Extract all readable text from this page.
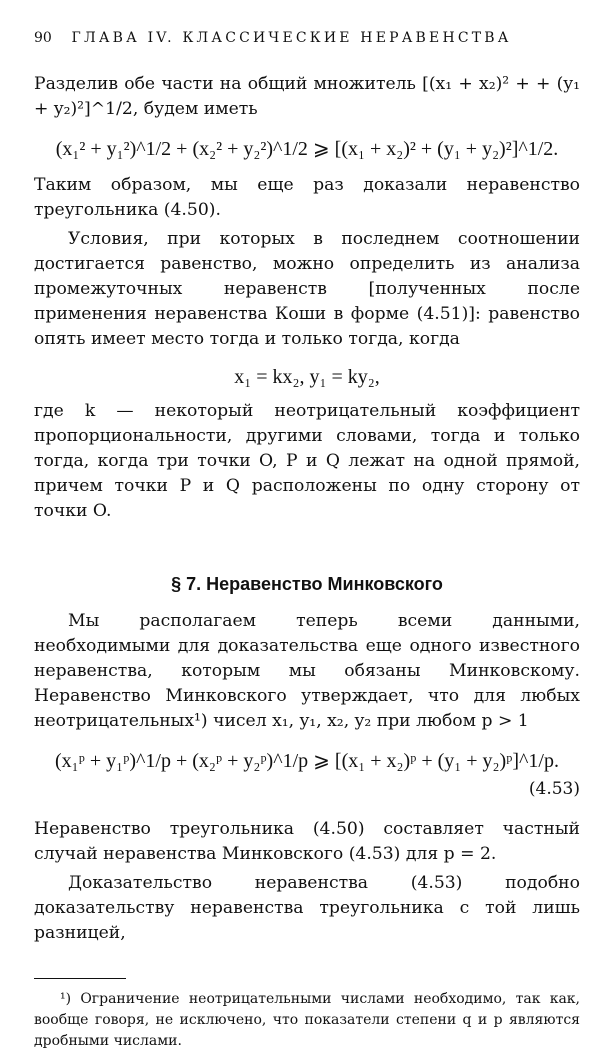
90 ГЛАВА IV. КЛАССИЧЕСКИЕ НЕРАВЕНСТВА

Разделив обе части на общий множитель [(x₁ + x₂)² + + (y₁ + y₂)²]^1/2, будем иметь

(x₁² + y₁²)^1/2 + (x₂² + y₂²)^1/2 ⩾ [(x₁ + x₂)² + (y₁ + y₂)²]^1/2.

Таким образом, мы еще раз доказали неравенство треугольника (4.50).

Условия, при которых в последнем соотношении достигается равенство, можно определить из анализа промежуточных неравенств [полученных после применения неравенства Коши в форме (4.51)]: равенство опять имеет место тогда и только тогда, когда

x₁ = kx₂, y₁ = ky₂,

где k — некоторый неотрицательный коэффициент пропорциональности, другими словами, тогда и только тогда, когда три точки O, P и Q лежат на одной прямой, причем точки P и Q расположены по одну сторону от точки O.

§ 7. Неравенство Минковского

Мы располагаем теперь всеми данными, необходимыми для доказательства еще одного известного неравенства, которым мы обязаны Минковскому. Неравенство Минковского утверждает, что для любых неотрицательных¹) чисел x₁, y₁, x₂, y₂ при любом p > 1

(x₁ᵖ + y₁ᵖ)^1/p + (x₂ᵖ + y₂ᵖ)^1/p ⩾ [(x₁ + x₂)ᵖ + (y₁ + y₂)ᵖ]^1/p.
(4.53)

Неравенство треугольника (4.50) составляет частный случай неравенства Минковского (4.53) для p = 2.

Доказательство неравенства (4.53) подобно доказательству неравенства треугольника с той лишь разницей,

¹) Ограничение неотрицательными числами необходимо, так как, вообще говоря, не исключено, что показатели степени q и p являются дробными числами.
